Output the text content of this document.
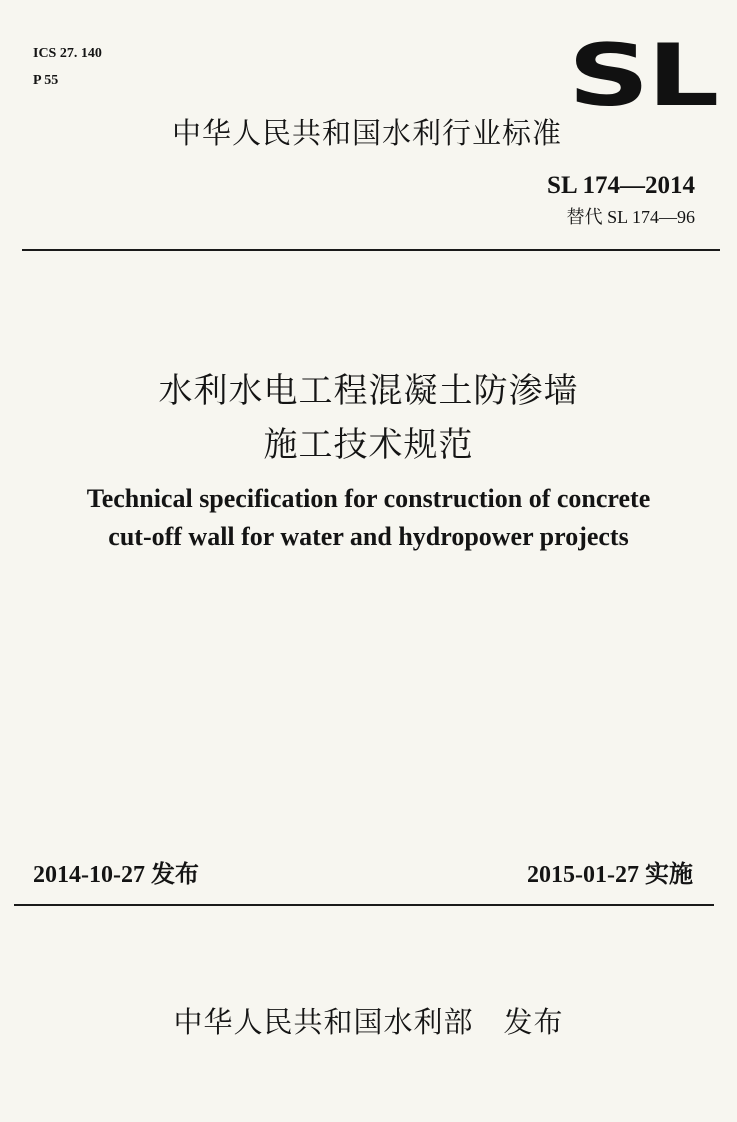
ICS 27. 140
P 55	SL
中华人民共和国水利行业标准
SL 174—2014
替代 SL 174—96
水利水电工程混凝土防渗墙
施工技术规范
Technical specification for construction of concrete
cut-off wall for water and hydropower projects
2014-10-27 发布	2015-01-27 实施
中华人民共和国水利部　发布
